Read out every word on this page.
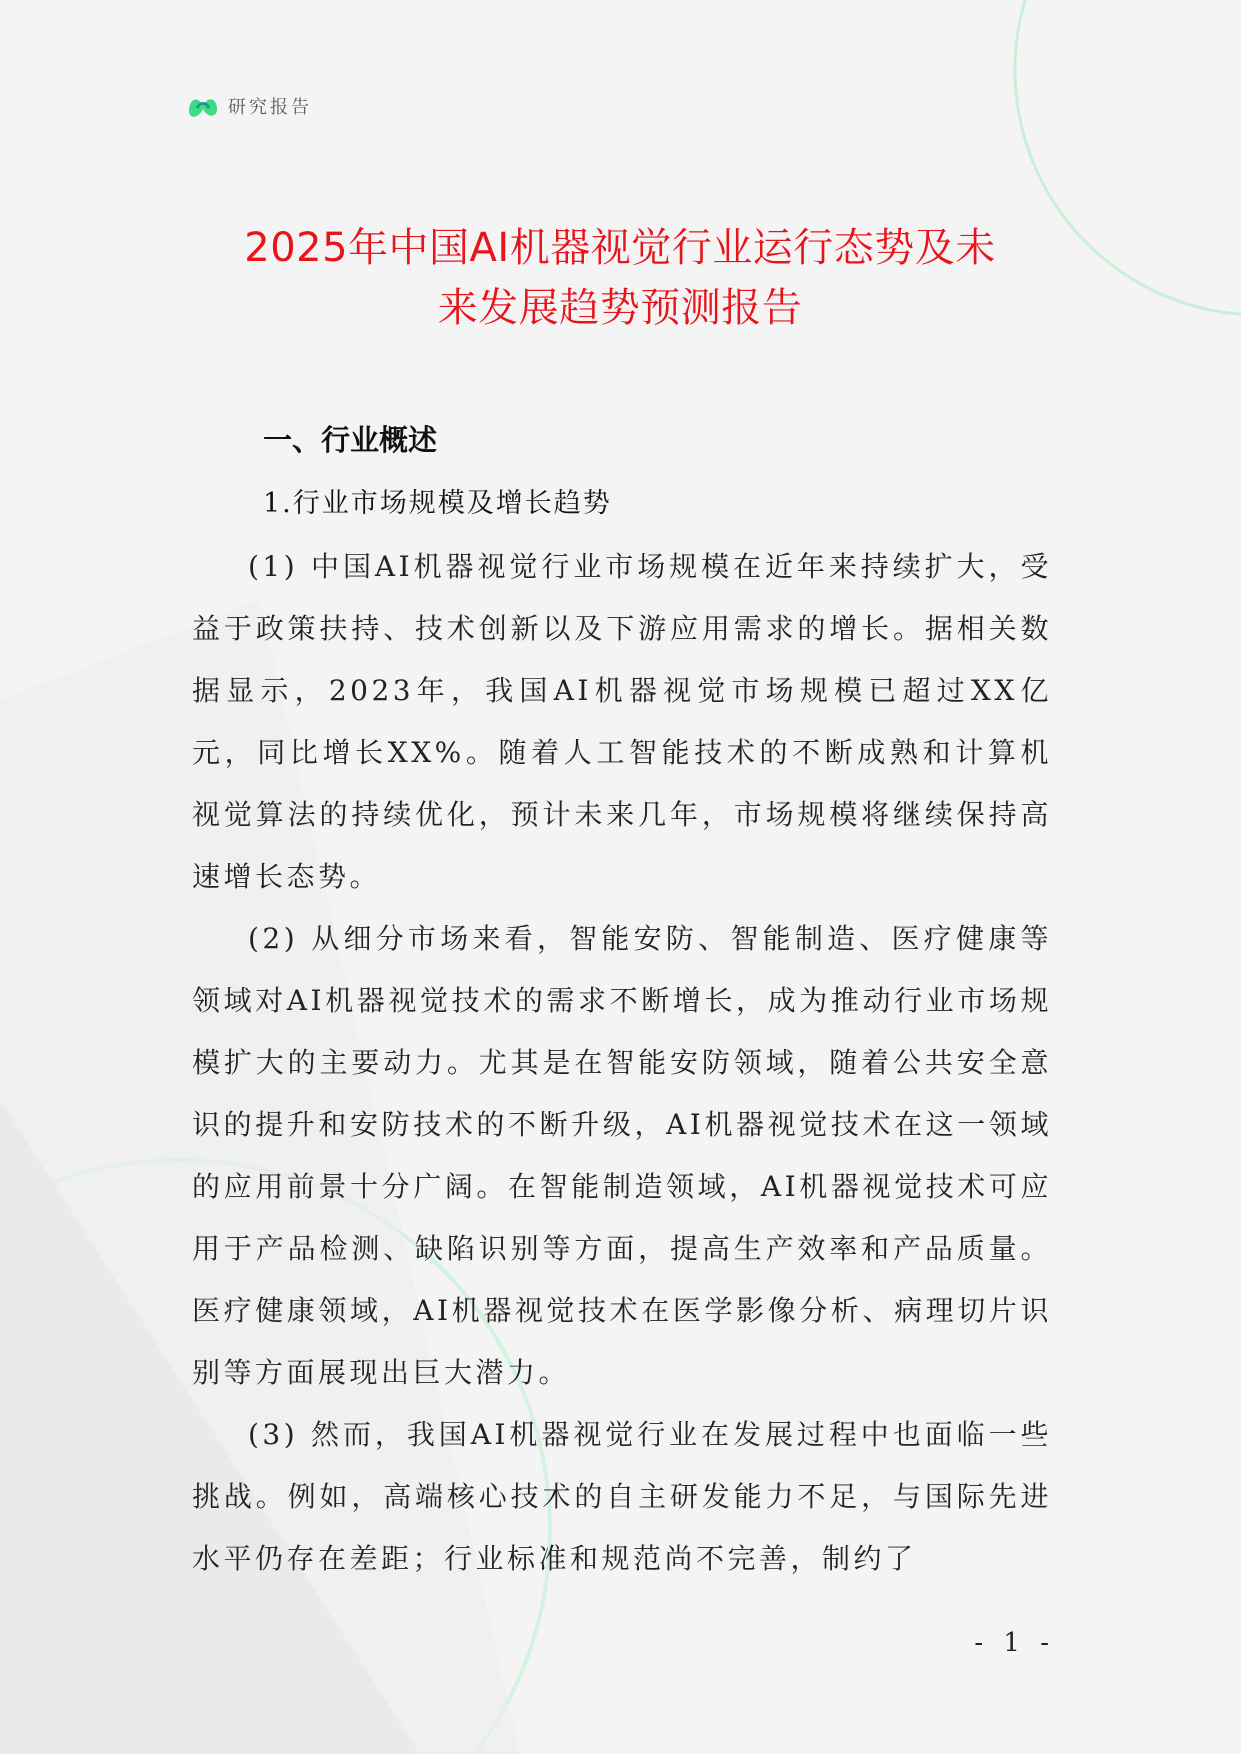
研究报告
2025年中国AI机器视觉行业运行态势及未
来发展趋势预测报告
一、行业概述
1.行业市场规模及增长趋势

(1) 中国AI机器视觉行业市场规模在近年来持续扩大，受益于政策扶持、技术创新以及下游应用需求的增长。据相关数据显示，2023年，我国AI机器视觉市场规模已超过XX亿元，同比增长XX%。随着人工智能技术的不断成熟和计算机视觉算法的持续优化，预计未来几年，市场规模将继续保持高速增长态势。

(2) 从细分市场来看，智能安防、智能制造、医疗健康等领域对AI机器视觉技术的需求不断增长，成为推动行业市场规模扩大的主要动力。尤其是在智能安防领域，随着公共安全意识的提升和安防技术的不断升级，AI机器视觉技术在这一领域的应用前景十分广阔。在智能制造领域，AI机器视觉技术可应用于产品检测、缺陷识别等方面，提高生产效率和产品质量。医疗健康领域，AI机器视觉技术在医学影像分析、病理切片识别等方面展现出巨大潜力。

(3) 然而，我国AI机器视觉行业在发展过程中也面临一些挑战。例如，高端核心技术的自主研发能力不足，与国际先进水平仍存在差距；行业标准和规范尚不完善，制约了

- 1 -
